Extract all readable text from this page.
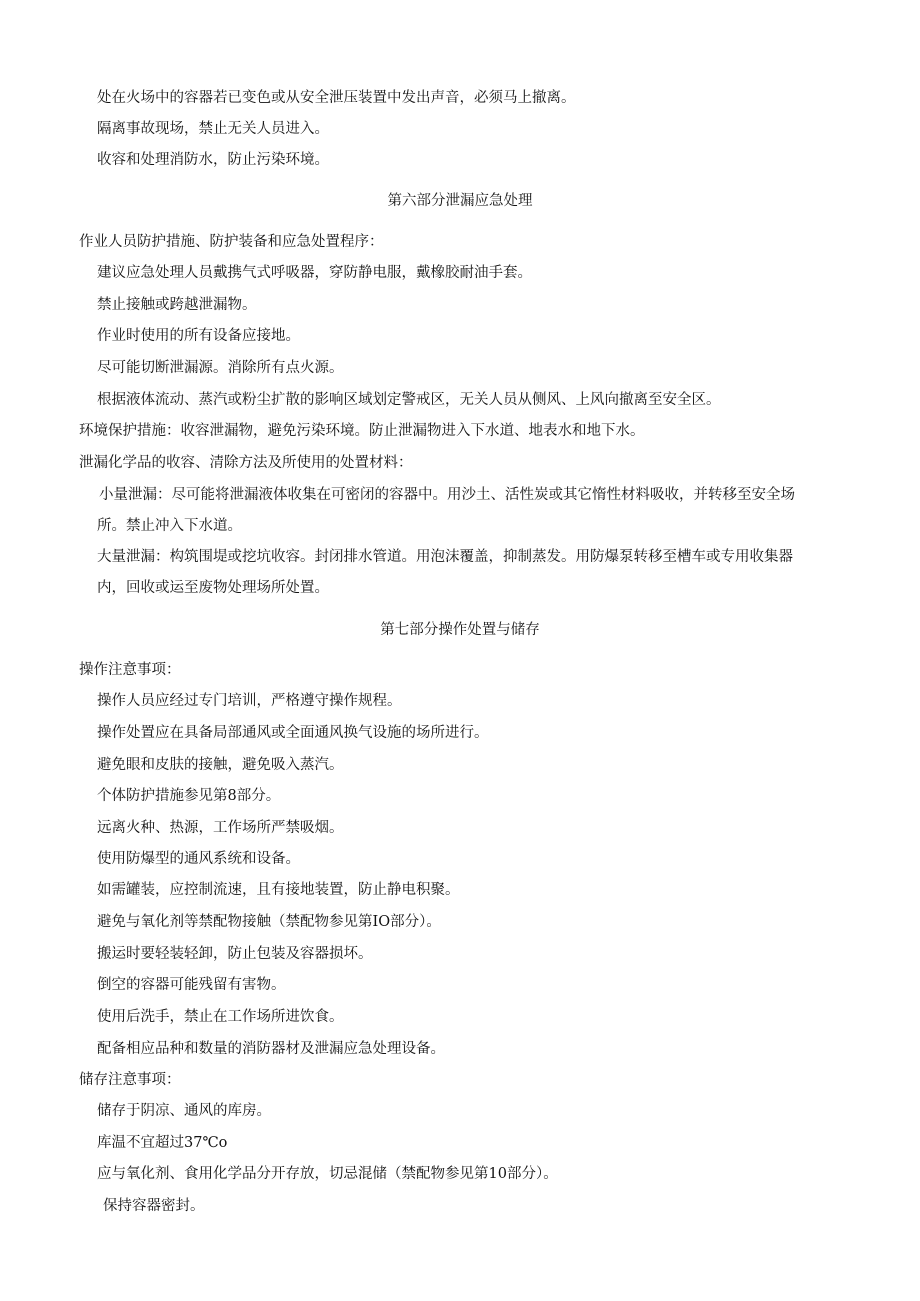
处在火场中的容器若已变色或从安全泄压装置中发出声音，必须马上撤离。
隔离事故现场，禁止无关人员进入。
收容和处理消防水，防止污染环境。
第六部分泄漏应急处理
作业人员防护措施、防护装备和应急处置程序：
建议应急处理人员戴携气式呼吸器，穿防静电服，戴橡胶耐油手套。
禁止接触或跨越泄漏物。
作业时使用的所有设备应接地。
尽可能切断泄漏源。消除所有点火源。
根据液体流动、蒸汽或粉尘扩散的影响区域划定警戒区，无关人员从侧风、上风向撤离至安全区。
环境保护措施：收容泄漏物，避免污染环境。防止泄漏物进入下水道、地表水和地下水。
泄漏化学品的收容、清除方法及所使用的处置材料：
小量泄漏：尽可能将泄漏液体收集在可密闭的容器中。用沙土、活性炭或其它惰性材料吸收，并转移至安全场
所。禁止冲入下水道。
大量泄漏：构筑围堤或挖坑收容。封闭排水管道。用泡沫覆盖，抑制蒸发。用防爆泵转移至槽车或专用收集器
内，回收或运至废物处理场所处置。
第七部分操作处置与储存
操作注意事项：
操作人员应经过专门培训，严格遵守操作规程。
操作处置应在具备局部通风或全面通风换气设施的场所进行。
避免眼和皮肤的接触，避免吸入蒸汽。
个体防护措施参见第8部分。
远离火种、热源，工作场所严禁吸烟。
使用防爆型的通风系统和设备。
如需罐装，应控制流速，且有接地装置，防止静电积聚。
避免与氧化剂等禁配物接触（禁配物参见第IO部分）。
搬运时要轻装轻卸，防止包装及容器损坏。
倒空的容器可能残留有害物。
使用后洗手，禁止在工作场所进饮食。
配备相应品种和数量的消防器材及泄漏应急处理设备。
储存注意事项：
储存于阴凉、通风的库房。
库温不宜超过37℃o
应与氧化剂、食用化学品分开存放，切忌混储（禁配物参见第10部分）。
保持容器密封。
